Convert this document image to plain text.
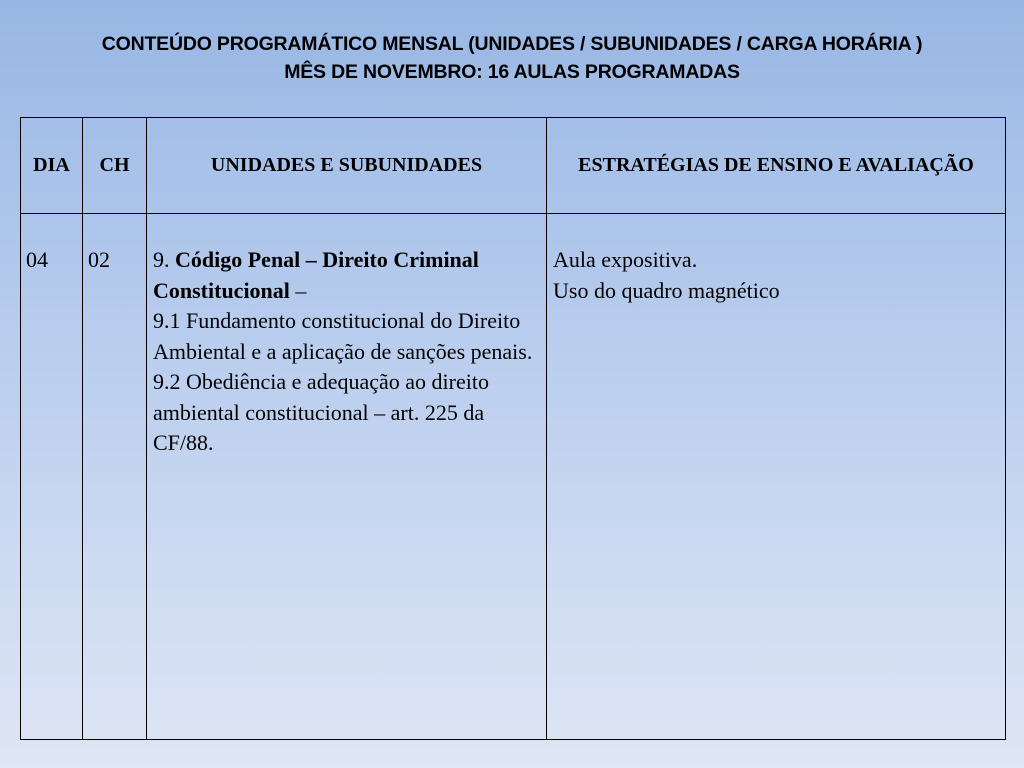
CONTEÚDO PROGRAMÁTICO MENSAL (UNIDADES / SUBUNIDADES / CARGA HORÁRIA )
MÊS DE NOVEMBRO: 16 AULAS PROGRAMADAS
DIA	CH	UNIDADES E SUBUNIDADES	ESTRATÉGIAS DE ENSINO E AVALIAÇÃO
04	02	9. Código Penal – Direito Criminal Constitucional –
9.1 Fundamento constitucional do Direito Ambiental e a aplicação de sanções penais.
9.2 Obediência e adequação ao direito ambiental constitucional – art. 225 da CF/88.	Aula expositiva.
Uso do quadro magnético
